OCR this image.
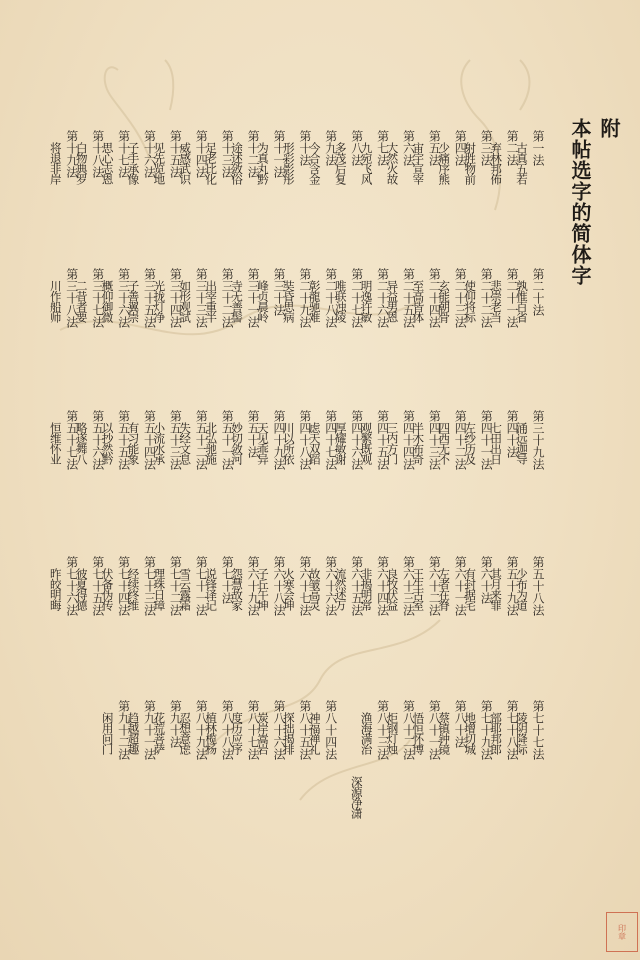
附
本帖选字的简体字
第一法
古真五若
第二法
弃林邦佈
第三法
射胜物前
第四法
少痛序熊
第五法
宙宇宣宰
第六法
大然火故
第七法
九宛飞风
第八法
多茂后复
第九法
今合含金
第十法
形彩影彤
第十一法
为真丸黔
第十二法
途述敛俗
第十三法
足老比化
第十四法
威感武识
第十五法
见先览地
第十六法
子手承像
第十七法
思心志恩
第十八法
白物典罗
第十九法
将退非岸
第二十法
孰惟百省
第二十一法
悲崇老当
第二十二法
使仰将标
第二十三法
玄能朝骨
第二十四法
至高皆体
第二十五法
异益男恩
第二十六法
明逸许敏
第二十七法
唯联浊陵
第二十八法
彰龍驰难
第二十九法
奘昏思病
第三十法
峰贞晨岭
第三十一法
寺无善髻
第三十二法
出宰重半
第三十三法
如形观試
第三十四法
光拢灯净
第三十五法
子善翼崇
第三十六法
概仰御微
第三十七法
二昔者要
第三十八法
川作船师
第三十九法
涌远迦导
第四十法
七田出日
第四十一法
左纱历及
第四十二法
四西无不
第四十三法
半木布奇
第四十四法
三内方门
第四十五法
观繁既观
第四十六法
厚耀敏谢
第四十七法
虑天双蹈
第四十八法
川以所依
第四十九法
天见乖异
第五十法
妙切敛河
第五十一法
北弘驰施
第五十二法
失经文息
第五十三法
小流水承
第五十四法
有习能象
第五十五法
以抄然黔
第五十六法
略遂舞八
第五十七法
恒维怀业
第五十八法
少布为道
第五十九法
其月来罪
第六十法
有封据宅
第六十一法
左者在脊
第六十二法
王生古室
第六十三法
良牧伏益
第六十四法
非揭明常
第六十五法
流然述万
第六十六法
故皱高灵
第六十七法
火寒会坤
第六十八法
子丘午坤
第六十九法
怨慧故家
第七十法
说锋译记
第七十一法
雪云露霜
第七十二法
理珠日璋
第七十三法
经续终维
第七十四法
伏备伪传
第七十五法
彼夏得德
第七十六法
昨皎明晦
第七十七法
陵阴降际
第七十八法
部耶邦郎
第七十九法
地增切城
第八十法
蔡镇钟镜
第八十一法
悟恒怀博
第八十二法
炬钢灯烛
第八十三法
渔海满治
深源净潇
第八十四法
神福禅礼
第八十五法
探拙揭排
第八十六法
炭岸嵩岩
第八十七法
度历应序
第八十八法
植林榄杨
第八十九法
忍想意虑
第九十法
花荒菩萨
第九十一法
趋越超趣
第九十二法
闲用问门
印章
